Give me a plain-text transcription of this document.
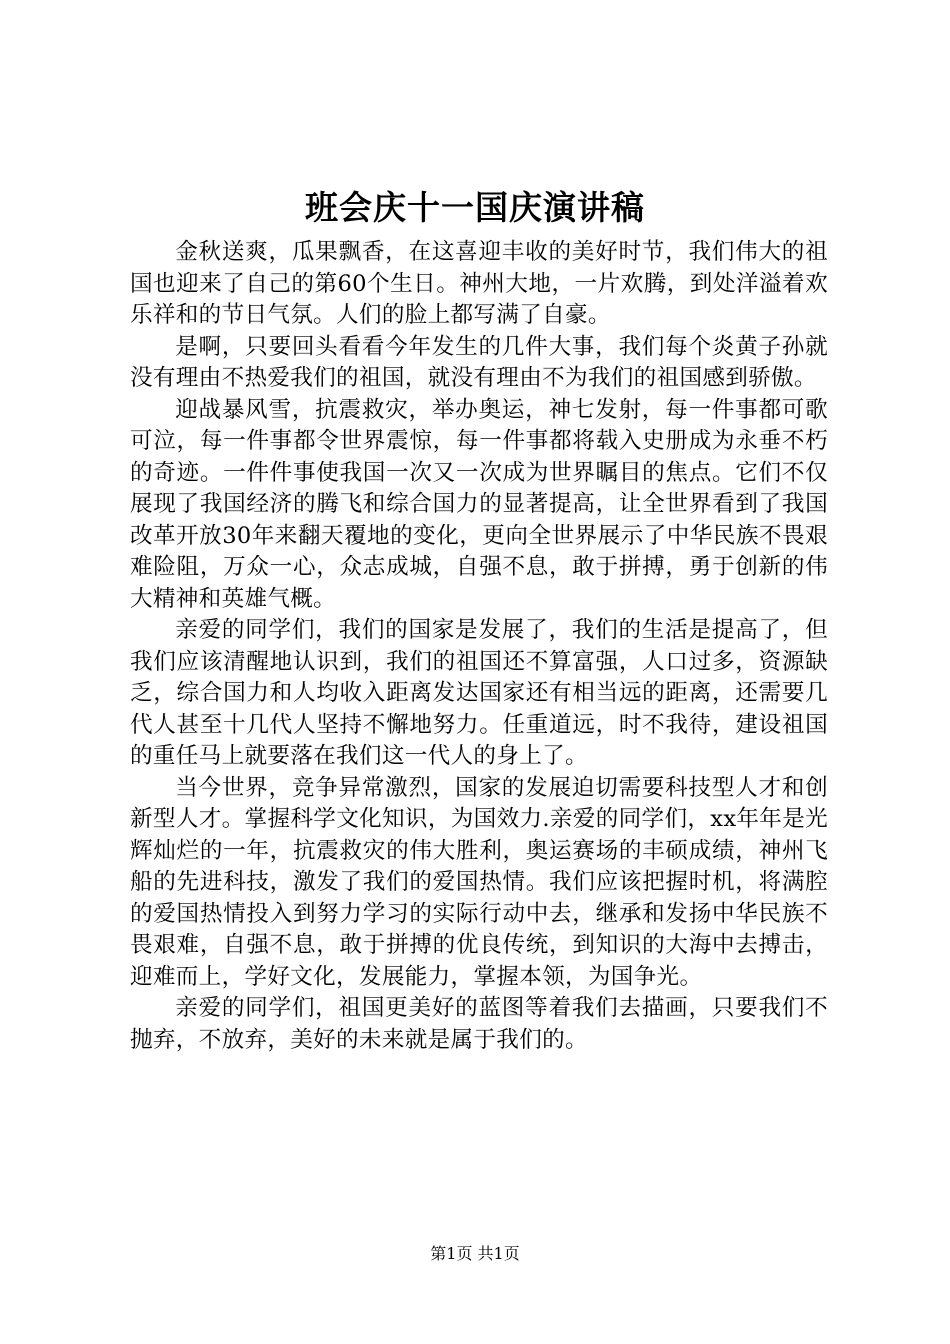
班会庆十一国庆演讲稿

金秋送爽，瓜果飘香，在这喜迎丰收的美好时节，我们伟大的祖国也迎来了自己的第60个生日。神州大地，一片欢腾，到处洋溢着欢乐祥和的节日气氛。人们的脸上都写满了自豪。

是啊，只要回头看看今年发生的几件大事，我们每个炎黄子孙就没有理由不热爱我们的祖国，就没有理由不为我们的祖国感到骄傲。

迎战暴风雪，抗震救灾，举办奥运，神七发射，每一件事都可歌可泣，每一件事都令世界震惊，每一件事都将载入史册成为永垂不朽的奇迹。一件件事使我国一次又一次成为世界瞩目的焦点。它们不仅展现了我国经济的腾飞和综合国力的显著提高，让全世界看到了我国改革开放30年来翻天覆地的变化，更向全世界展示了中华民族不畏艰难险阻，万众一心，众志成城，自强不息，敢于拼搏，勇于创新的伟大精神和英雄气概。

亲爱的同学们，我们的国家是发展了，我们的生活是提高了，但我们应该清醒地认识到，我们的祖国还不算富强，人口过多，资源缺乏，综合国力和人均收入距离发达国家还有相当远的距离，还需要几代人甚至十几代人坚持不懈地努力。任重道远，时不我待，建设祖国的重任马上就要落在我们这一代人的身上了。

当今世界，竞争异常激烈，国家的发展迫切需要科技型人才和创新型人才。掌握科学文化知识，为国效力.亲爱的同学们，xx年年是光辉灿烂的一年，抗震救灾的伟大胜利，奥运赛场的丰硕成绩，神州飞船的先进科技，激发了我们的爱国热情。我们应该把握时机，将满腔的爱国热情投入到努力学习的实际行动中去，继承和发扬中华民族不畏艰难，自强不息，敢于拼搏的优良传统，到知识的大海中去搏击，迎难而上，学好文化，发展能力，掌握本领，为国争光。

亲爱的同学们，祖国更美好的蓝图等着我们去描画，只要我们不抛弃，不放弃，美好的未来就是属于我们的。

第1页 共1页
